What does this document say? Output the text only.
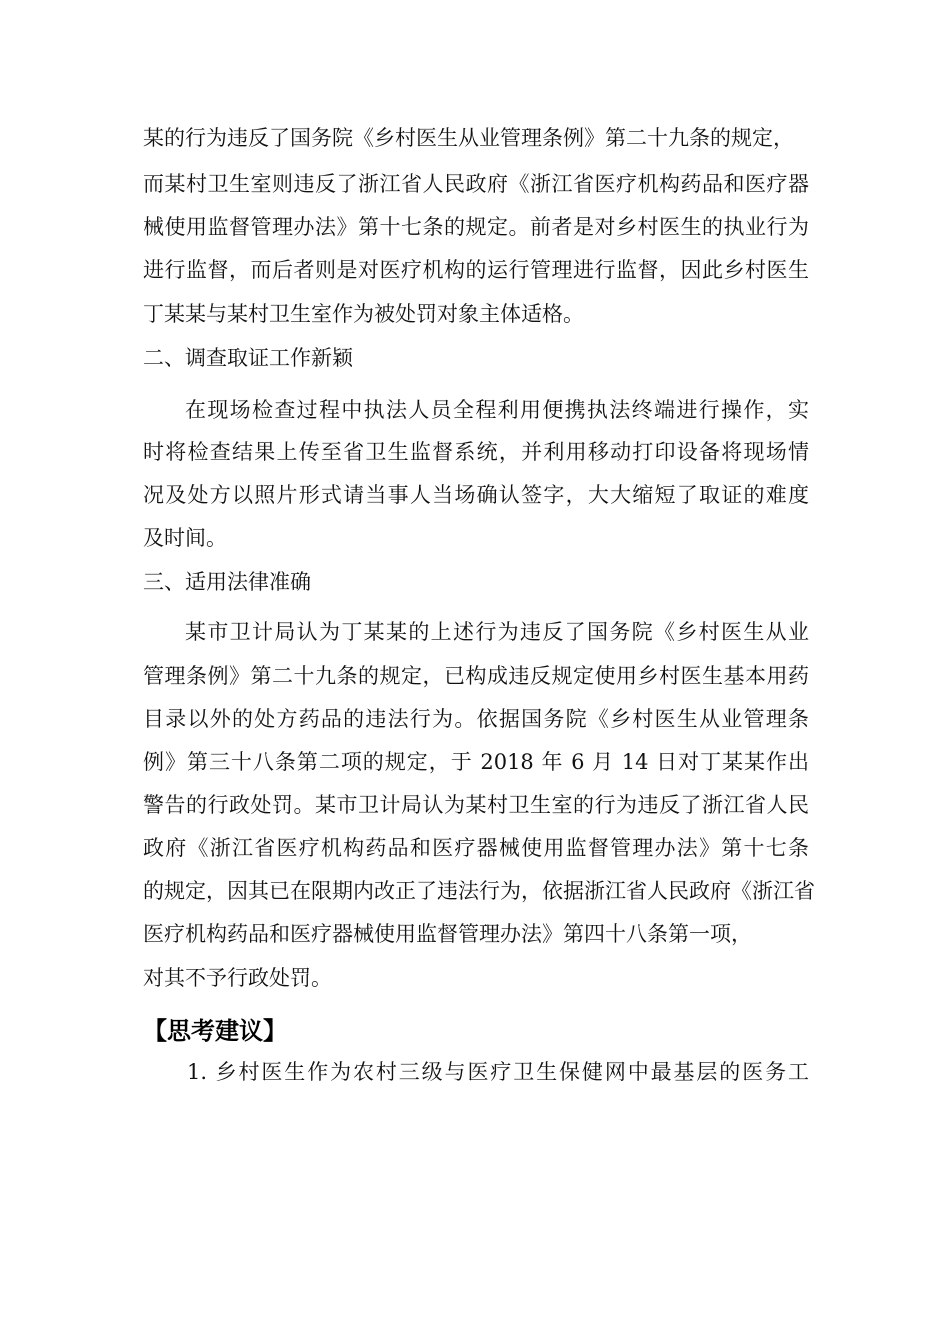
某的行为违反了国务院《乡村医生从业管理条例》第二十九条的规定，
而某村卫生室则违反了浙江省人民政府《浙江省医疗机构药品和医疗器
械使用监督管理办法》第十七条的规定。前者是对乡村医生的执业行为
进行监督，而后者则是对医疗机构的运行管理进行监督，因此乡村医生
丁某某与某村卫生室作为被处罚对象主体适格。
二、调查取证工作新颖
在现场检查过程中执法人员全程利用便携执法终端进行操作，实
时将检查结果上传至省卫生监督系统，并利用移动打印设备将现场情
况及处方以照片形式请当事人当场确认签字，大大缩短了取证的难度
及时间。
三、适用法律准确
某市卫计局认为丁某某的上述行为违反了国务院《乡村医生从业
管理条例》第二十九条的规定，已构成违反规定使用乡村医生基本用药
目录以外的处方药品的违法行为。依据国务院《乡村医生从业管理条
例》第三十八条第二项的规定，于 2018 年 6 月 14 日对丁某某作出
警告的行政处罚。某市卫计局认为某村卫生室的行为违反了浙江省人民
政府《浙江省医疗机构药品和医疗器械使用监督管理办法》第十七条
的规定，因其已在限期内改正了违法行为，依据浙江省人民政府《浙江省
医疗机构药品和医疗器械使用监督管理办法》第四十八条第一项，
对其不予行政处罚。
【思考建议】
1. 乡村医生作为农村三级与医疗卫生保健网中最基层的医务工
